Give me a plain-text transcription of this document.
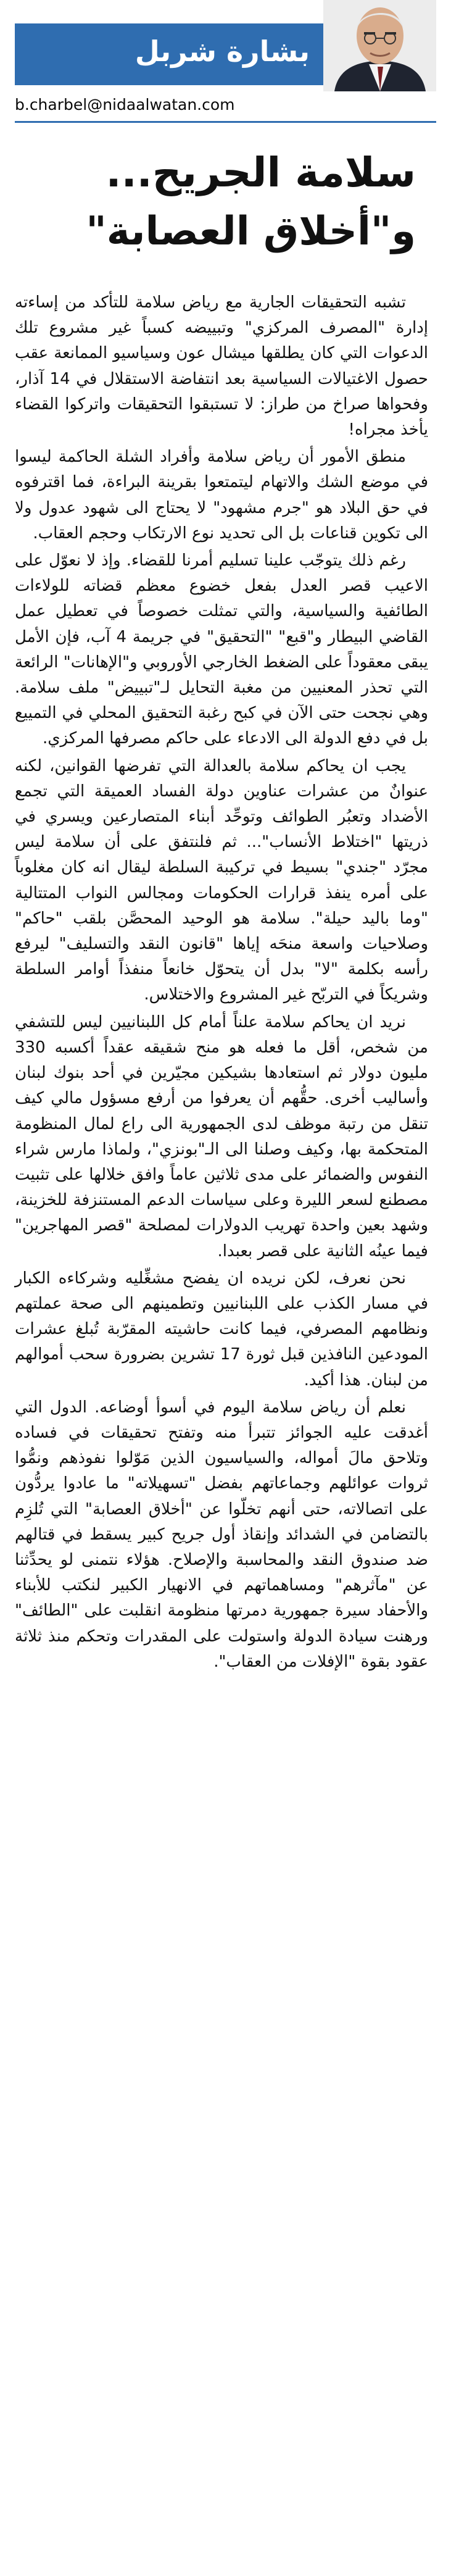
بشارة شربل
b.charbel@nidaalwatan.com
سلامة الجريح...
و"أخلاق العصابة"

تشبه التحقيقات الجارية مع رياض سلامة للتأكد من إساءته إدارة "المصرف المركزي" وتبييضه كسباً غير مشروع تلك الدعوات التي كان يطلقها ميشال عون وسياسيو الممانعة عقب حصول الاغتيالات السياسية بعد انتفاضة الاستقلال في 14 آذار، وفحواها صراخ من طراز: لا تستبقوا التحقيقات واتركوا القضاء يأخذ مجراه!

منطق الأمور أن رياض سلامة وأفراد الشلة الحاكمة ليسوا في موضع الشك والاتهام ليتمتعوا بقرينة البراءة، فما اقترفوه في حق البلاد هو "جرم مشهود" لا يحتاج الى شهود عدول ولا الى تكوين قناعات بل الى تحديد نوع الارتكاب وحجم العقاب.

رغم ذلك يتوجّب علينا تسليم أمرنا للقضاء. وإذ لا نعوّل على الاعيب قصر العدل بفعل خضوع معظم قضاته للولاءات الطائفية والسياسية، والتي تمثلت خصوصاً في تعطيل عمل القاضي البيطار و"قبع" "التحقيق" في جريمة 4 آب، فإن الأمل يبقى معقوداً على الضغط الخارجي الأوروبي و"الإهانات" الرائعة التي تحذر المعنيين من مغبة التحايل لـ"تبييض" ملف سلامة. وهي نجحت حتى الآن في كبح رغبة التحقيق المحلي في التمييع بل في دفع الدولة الى الادعاء على حاكم مصرفها المركزي.

يجب ان يحاكم سلامة بالعدالة التي تفرضها القوانين، لكنه عنوانٌ من عشرات عناوين دولة الفساد العميقة التي تجمع الأضداد وتعبُر الطوائف وتوحِّد أبناء المتصارعين ويسري في ذريتها "اختلاط الأنساب"... ثم فلنتفق على أن سلامة ليس مجرّد "جندي" بسيط في تركيبة السلطة ليقال انه كان مغلوباً على أمره ينفذ قرارات الحكومات ومجالس النواب المتتالية "وما باليد حيلة". سلامة هو الوحيد المحصَّن بلقب "حاكم" وصلاحيات واسعة منحَه إياها "قانون النقد والتسليف" ليرفع رأسه بكلمة "لا" بدل أن يتحوّل خانعاً منفذاً أوامر السلطة وشريكاً في التربّح غير المشروع والاختلاس.

نريد ان يحاكم سلامة علناً أمام كل اللبنانيين ليس للتشفي من شخص، أقل ما فعله هو منح شقيقه عقداً أكسبه 330 مليون دولار ثم استعادها بشيكين مجيّرين في أحد بنوك لبنان وأساليب أخرى. حقُّهم أن يعرفوا من أرفع مسؤول مالي كيف تنقل من رتبة موظف لدى الجمهورية الى راع لمال المنظومة المتحكمة بها، وكيف وصلنا الى الـ"بونزي"، ولماذا مارس شراء النفوس والضمائر على مدى ثلاثين عاماً وافق خلالها على تثبيت مصطنع لسعر الليرة وعلى سياسات الدعم المستنزفة للخزينة، وشهد بعين واحدة تهريب الدولارات لمصلحة "قصر المهاجرين" فيما عينُه الثانية على قصر بعبدا.

نحن نعرف، لكن نريده ان يفضح مشغِّليه وشركاءه الكبار في مسار الكذب على اللبنانيين وتطمينهم الى صحة عملتهم ونظامهم المصرفي، فيما كانت حاشيته المقرّبة تُبلغ عشرات المودعين النافذين قبل ثورة 17 تشرين بضرورة سحب أموالهم من لبنان. هذا أكيد.

نعلم أن رياض سلامة اليوم في أسوأ أوضاعه. الدول التي أغدقت عليه الجوائز تتبرأ منه وتفتح تحقيقات في فساده وتلاحق مالَ أمواله، والسياسيون الذين مَوّلوا نفوذهم ونمُّوا ثروات عوائلهم وجماعاتهم بفضل "تسهيلاته" ما عادوا يردُّون على اتصالاته، حتى أنهم تخلّوا عن "أخلاق العصابة" التي تُلزِم بالتضامن في الشدائد وإنقاذ أول جريح كبير يسقط في قتالهم ضد صندوق النقد والمحاسبة والإصلاح. هؤلاء نتمنى لو يحدِّثنا عن "مآثرهم" ومساهماتهم في الانهيار الكبير لنكتب للأبناء والأحفاد سيرة جمهورية دمرتها منظومة انقلبت على "الطائف" ورهنت سيادة الدولة واستولت على المقدرات وتحكم منذ ثلاثة عقود بقوة "الإفلات من العقاب".
